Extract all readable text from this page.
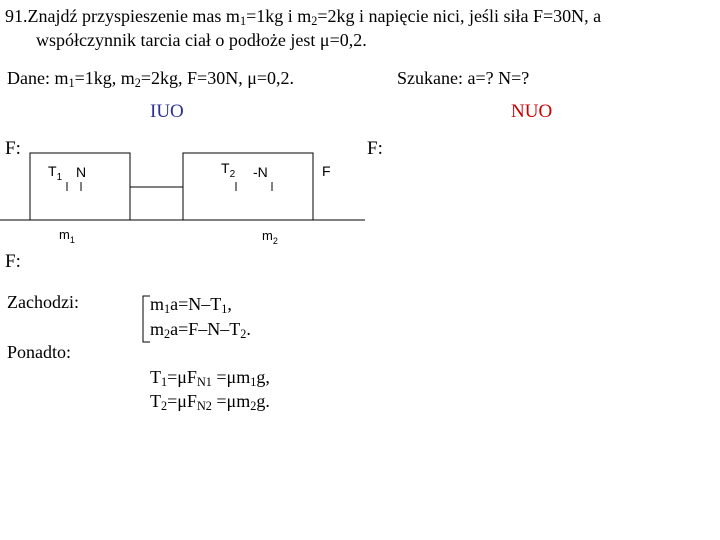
91.Znajdź przyspieszenie mas $m_1=1kg$ i $m_2=2kg$ i napięcie nici, jeśli siła F=30N, a
współczynnik tarcia ciał o podłoże jest μ=0,2.
Dane: $m_1=1kg$, $m_2=2kg$, F=30N, μ=0,2.	Szukane: a=? N=?
IUO	NUO
F:	F:
F:
$T_1$ N	$T_2$ -N	F
$m_1$	$m_2$
Zachodzi:	$m_1a=N-T_1$,
$m_2a=F-N-T_2$.
Ponadto:
$T_1=\mu F_{N1} =\mu m_1g$,
$T_2=\mu F_{N2} =\mu m_2g$.
